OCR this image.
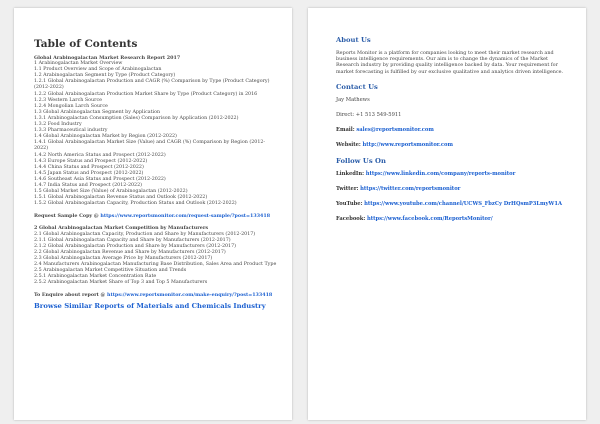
Table of Contents
Global Arabinogalactan Market Research Report 2017
1 Arabinogalactan Market Overview
1.1 Product Overview and Scope of Arabinogalactan
1.2 Arabinogalactan Segment by Type (Product Category)
1.2.1 Global Arabinogalactan Production and CAGR (%) Comparison by Type (Product Category) (2012-2022)
1.2.2 Global Arabinogalactan Production Market Share by Type (Product Category) in 2016
1.2.3 Western Larch Source
1.2.4 Mongolian Larch Source
1.3 Global Arabinogalactan Segment by Application
1.3.1 Arabinogalactan Consumption (Sales) Comparison by Application (2012-2022)
1.3.2 Food Industry
1.3.3 Pharmaceutical industry
1.4 Global Arabinogalactan Market by Region (2012-2022)
1.4.1 Global Arabinogalactan Market Size (Value) and CAGR (%) Comparison by Region (2012-2022)
1.4.2 North America Status and Prospect (2012-2022)
1.4.3 Europe Status and Prospect (2012-2022)
1.4.4 China Status and Prospect (2012-2022)
1.4.5 Japan Status and Prospect (2012-2022)
1.4.6 Southeast Asia Status and Prospect (2012-2022)
1.4.7 India Status and Prospect (2012-2022)
1.5 Global Market Size (Value) of Arabinogalactan (2012-2022)
1.5.1 Global Arabinogalactan Revenue Status and Outlook (2012-2022)
1.5.2 Global Arabinogalactan Capacity, Production Status and Outlook (2012-2022)
Request Sample Copy @ https://www.reportsmonitor.com/request-sample/?post=133418
2 Global Arabinogalactan Market Competition by Manufacturers
2.1 Global Arabinogalactan Capacity, Production and Share by Manufacturers (2012-2017)
2.1.1 Global Arabinogalactan Capacity and Share by Manufacturers (2012-2017)
2.1.2 Global Arabinogalactan Production and Share by Manufacturers (2012-2017)
2.2 Global Arabinogalactan Revenue and Share by Manufacturers (2012-2017)
2.3 Global Arabinogalactan Average Price by Manufacturers (2012-2017)
2.4 Manufacturers Arabinogalactan Manufacturing Base Distribution, Sales Area and Product Type
2.5 Arabinogalactan Market Competitive Situation and Trends
2.5.1 Arabinogalactan Market Concentration Rate
2.5.2 Arabinogalactan Market Share of Top 3 and Top 5 Manufacturers
To Enquire about report @ https://www.reportsmonitor.com/make-enquiry/?post=133418
Browse Similar Reports of Materials and Chemicals Industry
About Us
Reports Monitor is a platform for companies looking to meet their market research and business intelligence requirements. Our aim is to change the dynamics of the Market Research industry by providing quality intelligence backed by data. Your requirement for market forecasting is fulfilled by our exclusive qualitative and analytics driven intelligence.
Contact Us
Jay Mathews
Direct: +1 513 549-5911
Email: sales@reportsmonitor.com
Website: http://www.reportsmonitor.com
Follow Us On
LinkedIn: https://www.linkedin.com/company/reports-monitor
Twitter: https://twitter.com/reportsmonitor
YouTube: https://www.youtube.com/channel/UCWS_FbzCy DrHQsmP3LmyW1A
Facebook: https://www.facebook.com/ReportsMonitor/
